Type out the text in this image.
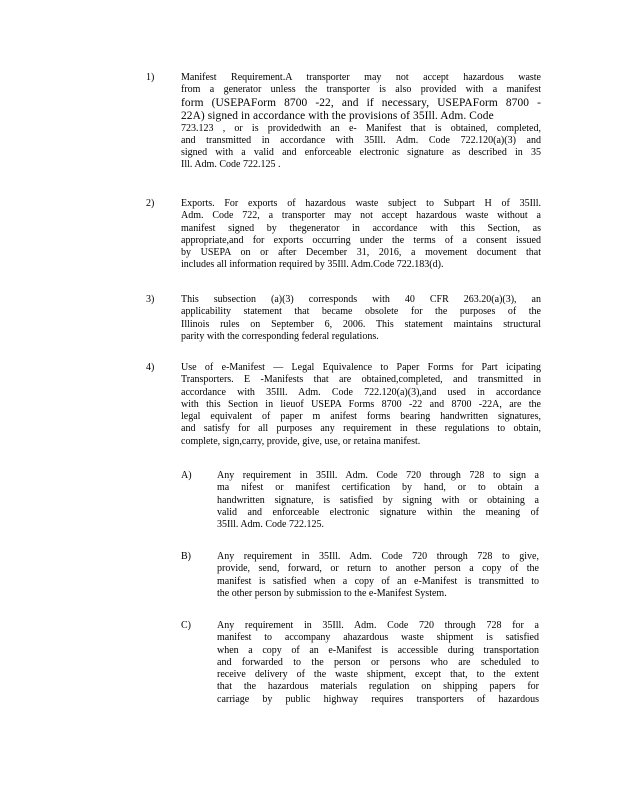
1)	Manifest Requirement.A transporter may not accept hazardous waste
from a generator unless the transporter is also provided with a manifest
form (USEPAForm 8700 -22, and if necessary, USEPAForm 8700 -
22A) signed in accordance with the provisions of 35Ill. Adm. Code
723.123 , or is providedwith an e- Manifest that is obtained, completed,
and transmitted in accordance with 35Ill. Adm. Code 722.120(a)(3) and
signed with a valid and enforceable electronic signature as described in 35
Ill. Adm. Code 722.125 .
2)	Exports. For exports of hazardous waste subject to Subpart H of 35Ill.
Adm. Code 722, a transporter may not accept hazardous waste without a
manifest signed by thegenerator in accordance with this Section, as
appropriate,and for exports occurring under the terms of a consent issued
by USEPA on or after December 31, 2016, a movement document that
includes all information required by 35Ill. Adm.Code 722.183(d).
3)	This subsection (a)(3) corresponds with 40 CFR 263.20(a)(3), an
applicability statement that became obsolete for the purposes of the
Illinois rules on September 6, 2006. This statement maintains structural
parity with the corresponding federal regulations.
4)	Use of e-Manifest — Legal Equivalence to Paper Forms for Part icipating
Transporters. E -Manifests that are obtained,completed, and transmitted in
accordance with 35Ill. Adm. Code 722.120(a)(3),and used in accordance
with this Section in lieuof USEPA Forms 8700 -22 and 8700 -22A, are the
legal equivalent of paper m anifest forms bearing handwritten signatures,
and satisfy for all purposes any requirement in these regulations to obtain,
complete, sign,carry, provide, give, use, or retaina manifest.
A)	Any requirement in 35Ill. Adm. Code 720 through 728 to sign a
ma nifest or manifest certification by hand, or to obtain a
handwritten signature, is satisfied by signing with or obtaining a
valid and enforceable electronic signature within the meaning of
35Ill. Adm. Code 722.125.
B)	Any requirement in 35Ill. Adm. Code 720 through 728 to give,
provide, send, forward, or return to another person a copy of the
manifest is satisfied when a copy of an e-Manifest is transmitted to
the other person by submission to the e-Manifest System.
C)	Any requirement in 35Ill. Adm. Code 720 through 728 for a
manifest to accompany ahazardous waste shipment is satisfied
when a copy of an e-Manifest is accessible during transportation
and forwarded to the person or persons who are scheduled to
receive delivery of the waste shipment, except that, to the extent
that the hazardous materials regulation on shipping papers for
carriage by public highway requires transporters of hazardous
